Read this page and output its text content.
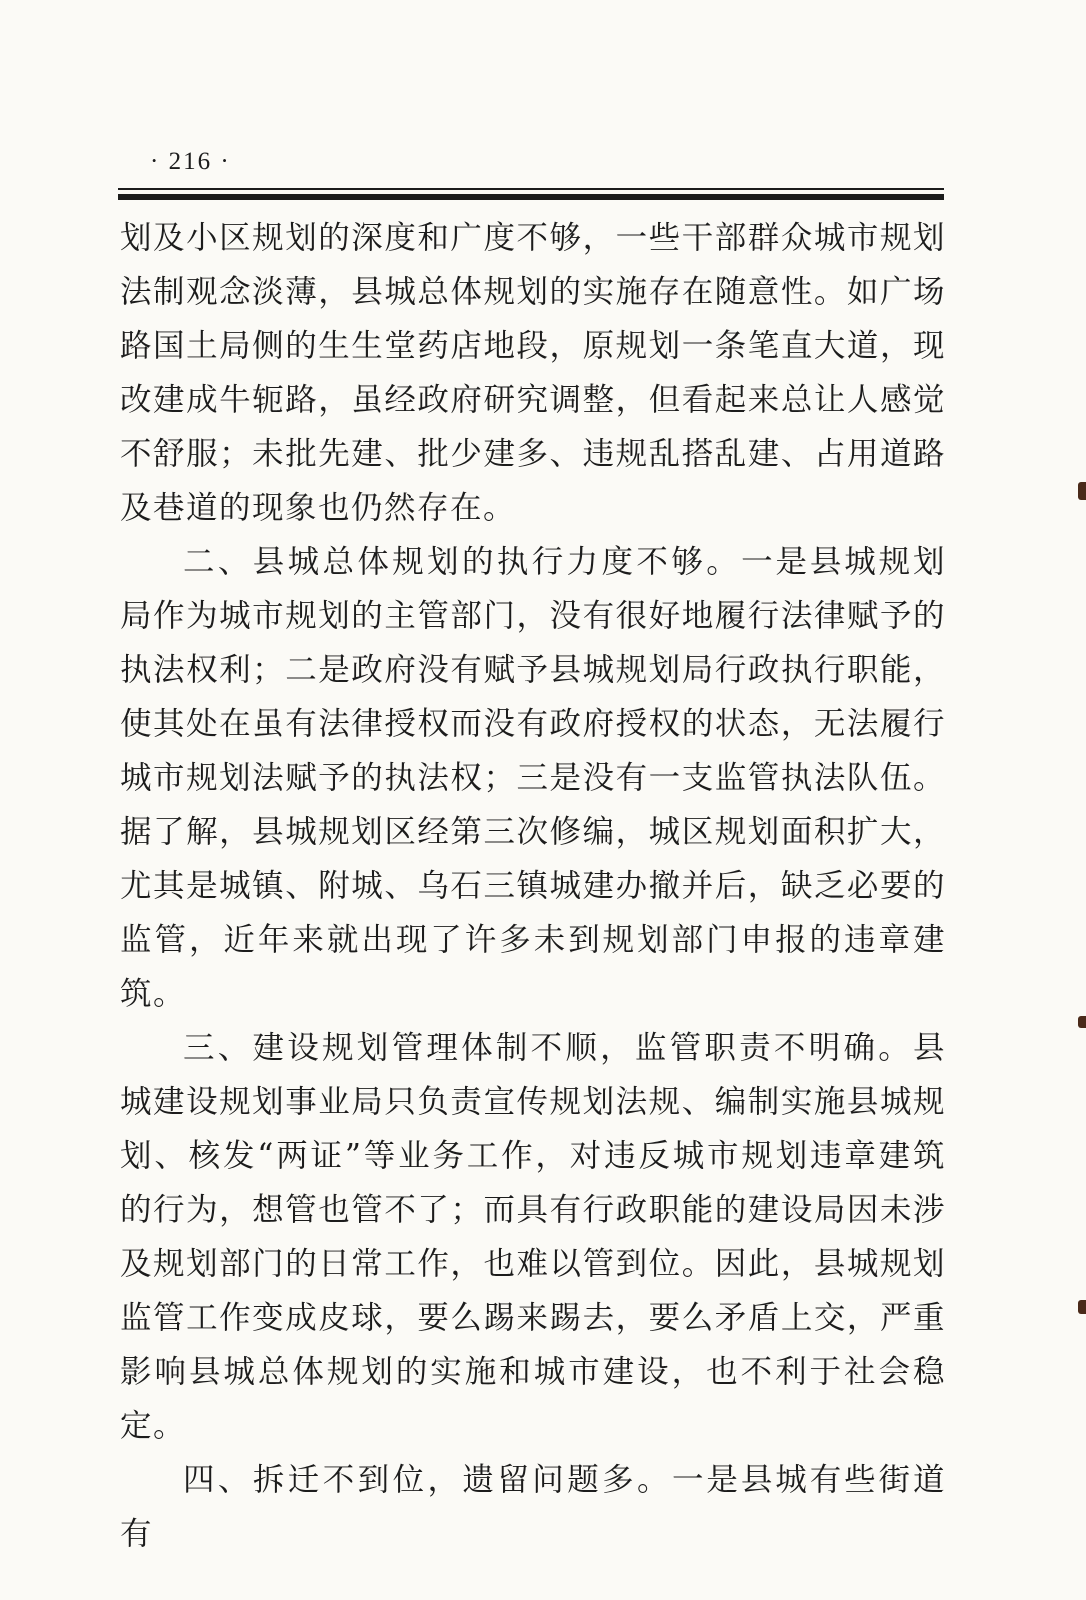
· 216 ·

划及小区规划的深度和广度不够，一些干部群众城市规划法制观念淡薄，县城总体规划的实施存在随意性。如广场路国土局侧的生生堂药店地段，原规划一条笔直大道，现改建成牛轭路，虽经政府研究调整，但看起来总让人感觉不舒服；未批先建、批少建多、违规乱搭乱建、占用道路及巷道的现象也仍然存在。

二、县城总体规划的执行力度不够。一是县城规划局作为城市规划的主管部门，没有很好地履行法律赋予的执法权利；二是政府没有赋予县城规划局行政执行职能，使其处在虽有法律授权而没有政府授权的状态，无法履行城市规划法赋予的执法权；三是没有一支监管执法队伍。据了解，县城规划区经第三次修编，城区规划面积扩大，尤其是城镇、附城、乌石三镇城建办撤并后，缺乏必要的监管，近年来就出现了许多未到规划部门申报的违章建筑。

三、建设规划管理体制不顺，监管职责不明确。县城建设规划事业局只负责宣传规划法规、编制实施县城规划、核发“两证”等业务工作，对违反城市规划违章建筑的行为，想管也管不了；而具有行政职能的建设局因未涉及规划部门的日常工作，也难以管到位。因此，县城规划监管工作变成皮球，要么踢来踢去，要么矛盾上交，严重影响县城总体规划的实施和城市建设，也不利于社会稳定。

四、拆迁不到位，遗留问题多。一是县城有些街道有
